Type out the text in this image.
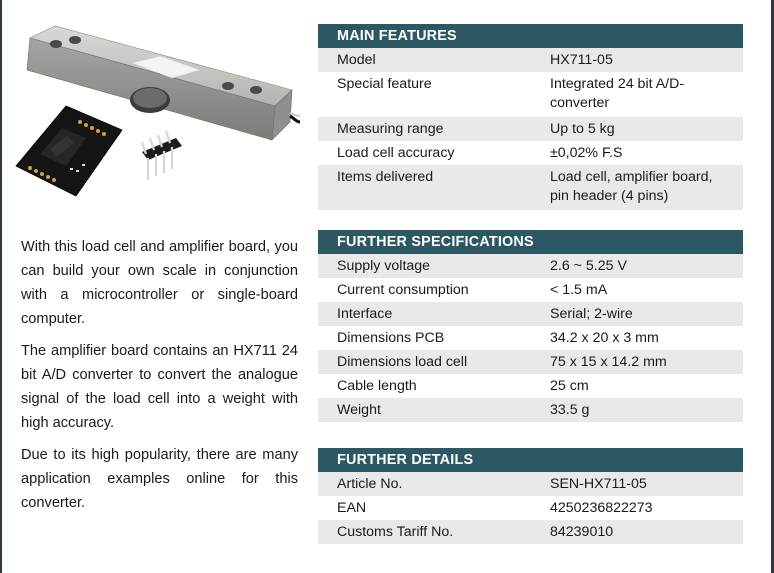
With this load cell and amplifier board, you can build your own scale in conjunction with a microcontroller or single-board computer.

The amplifier board contains an HX711 24 bit A/D converter to convert the analogue signal of the load cell into a weight with high accuracy.

Due to its high popularity, there are many application examples online for this converter.

MAIN FEATURES	
Model	HX711-05
Special feature	Integrated 24 bit A/D-converter
Measuring range	Up to 5 kg
Load cell accuracy	±0,02% F.S
Items delivered	Load cell, amplifier board, pin header (4 pins)
FURTHER SPECIFICATIONS	
Supply voltage	2.6 ~ 5.25 V
Current consumption	< 1.5 mA
Interface	Serial; 2-wire
Dimensions PCB	34.2 x 20 x 3 mm
Dimensions load cell	75 x 15 x 14.2 mm
Cable length	25 cm
Weight	33.5 g
FURTHER DETAILS	
Article No.	SEN-HX711-05
EAN	4250236822273
Customs Tariff No.	84239010
